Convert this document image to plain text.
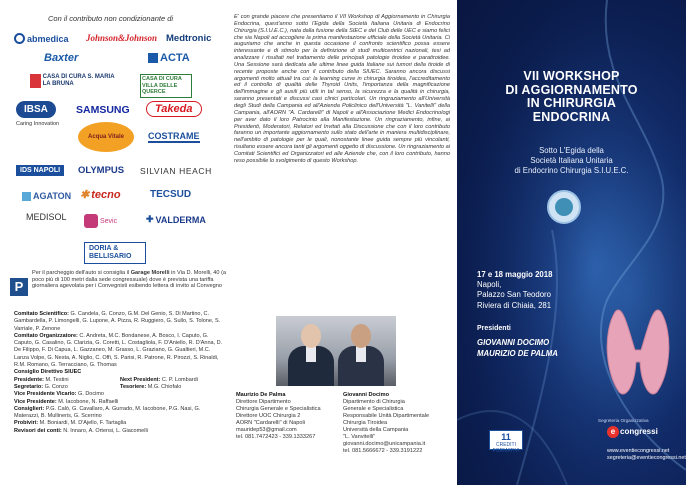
Con il contributo non condizionante di
abmedica Johnson&Johnson Medtronic
Baxter	ACTA
CASA DI CURA S. MARIA LA BRUNA
CASA DI CURA VILLA DELLE QUERCE
IBSA	SAMSUNG	Takeda
Caring Innovation
Acqua Vitale	COSTRAME
IDS NAPOLI	OLYMPUS SILVIAN HEACH
AGATON ✱ tecno	TECSUD
MEDISOL	Sevic	✚ VALDERMA
DORIA & BELLISARIO
P
Per il parcheggio dell'auto si consiglia il Garage Morelli in Via D. Morelli, 40 (a poco più di 100 metri dalla sede congressuale) dove è prevista una tariffa giornaliera agevolata per i Convegnisti esibendo lettera di invito al Convegno
Comitato Scientifico: G. Candela, G. Conzo, G.M. Del Genio, S. Di Martino, C. Gambardella, P. Limongelli, G. Lupone, A. Pizza, R. Ruggiero, G. Sullo, S. Tolone, S. Varriale, P. Zenone
Comitato Organizzatore: C. Andreta, M.C. Bondanese, A. Bosco, I. Caputo, G. Caputo, G. Casalino, G. Clarizia, G. Coretti, L. Costagliola, F. D'Aniello, R. D'Anna, D. De Filippo, F. Di Capua, L. Gazzaneo, M. Grasso, L. Graziano, G. Gualtieri, M.C. Lanza Volpe, G. Nesta, A. Niglio, C. Offi, S. Parisi, R. Patrone, R. Pirozzi, S. Rinaldi, R.M. Romano, G. Terracciano, G. Thomas
Consiglio Direttivo SIUEC
Presidente: M. Testini	Next President: C. P. Lombardi
Segretario: G. Conzo	Tesoriere: M.G. Chiofalo
Vice Presidente Vicario: G. Docimo
Vice Presidente: M. Iacobone, N. Raffaelli
Consiglieri: P.G. Calò, G. Cavallaro, A. Gurrado, M. Iacobone, P.G. Nasi, G. Materazzi, B. Mullineris, G. Scerrino
Probiviri: M. Boniardi, M. D'Ajello, F. Tartaglia
Revisori dei conti: N. Innaro, A. Ortensi, L. Giacomelli
E' con grande piacere che presentiamo il VII Workshop di Aggiornamento in Chirurgia Endocrina, quest'anno sotto l'Egida della Società Italiana Unitaria di Endocrino Chirurgia (S.I.U.E.C.), nata dalla fusione della SIEC e del Club delle UEC e siamo felici che sia Napoli ad accogliere la prima manifestazione ufficiale della Società Unitaria. Ci auguriamo che anche in questa occasione il confronto scientifico possa essere interessante e di stimolo per la definizione di studi multicentrici nazionali, tesi ad analizzare i risultati nel trattamento delle principali patologie tiroidee e paratiroidee. Una Sessione sarà dedicata alle ultime linee guida Italiane sui tumori della tiroide di recente proposte anche con il contributo della SIUEC. Saranno ancora discussi argomenti molto attuali tra cui: la learning curve in chirurgia tiroidea, l'accreditamento ed il controllo di qualità delle Thyroid Units, l'importanza della magnificazione dell'immagine e gli ausili più utili in tal senso, la sicurezza e la qualità in chirurgia, saranno presentati e discussi casi clinici particolari. Un ringraziamento all'Università degli Studi della Campania ed all'Azienda Policlinico dell'Università "L. Vanitelli" della Campania, all'AORN "A. Cardarelli" di Napoli e all'Associazione Medici Endocrinologi per aver dato il loro Patrocinio alla Manifestazione. Un ringraziamento, infine, ai Presidenti, Moderatori, Relatori ed Invitati alla Discussione che con il loro contributo faranno un importante aggiornamento sullo stato dell'arte in maniera multidisciplinare, nell'ambito di patologie per le quali, nonostante linee guida sempre più vincolanti, risultano essere ancora tanti gli argomenti oggetto di discussione. Un ringraziamento ai Comitati Scientifici ed Organizzatori ed alle Aziende che, con il loro contributo, hanno reso possibile lo svolgimento di questo Workshop.
Maurizio De Palma
Direttore Dipartimento
Chirurgia Generale e Specialistica
Direttore UOC Chirurgia 2
AORN "Cardarelli" di Napoli
mauridep53@gmail.com
tel. 081.7472423 - 339.1333267
Giovanni Docimo
Dipartimento di Chirurgia
Generale e Specialistica
Responsabile Unità Dipartimentale
Chirurgia Tiroidea
Università della Campania
"L. Vanvitelli"
giovanni.docimo@unicampania.it
tel. 081.5666672 - 339.3191222
VII WORKSHOP
DI AGGIORNAMENTO
IN CHIRURGIA
ENDOCRINA
Sotto L'Egida della
Società Italiana Unitaria
di Endocrino Chirurgia S.I.U.E.C.
17 e 18 maggio 2018
Napoli,
Palazzo San Teodoro
Riviera di Chiaia, 281
Presidenti
GIOVANNI DOCIMO
MAURIZIO DE PALMA
Segreteria Organizzativa
e congressi
www.eventiecongressi.net
segreteria@eventiecongressi.net
11
CREDITI FORMATIVI
